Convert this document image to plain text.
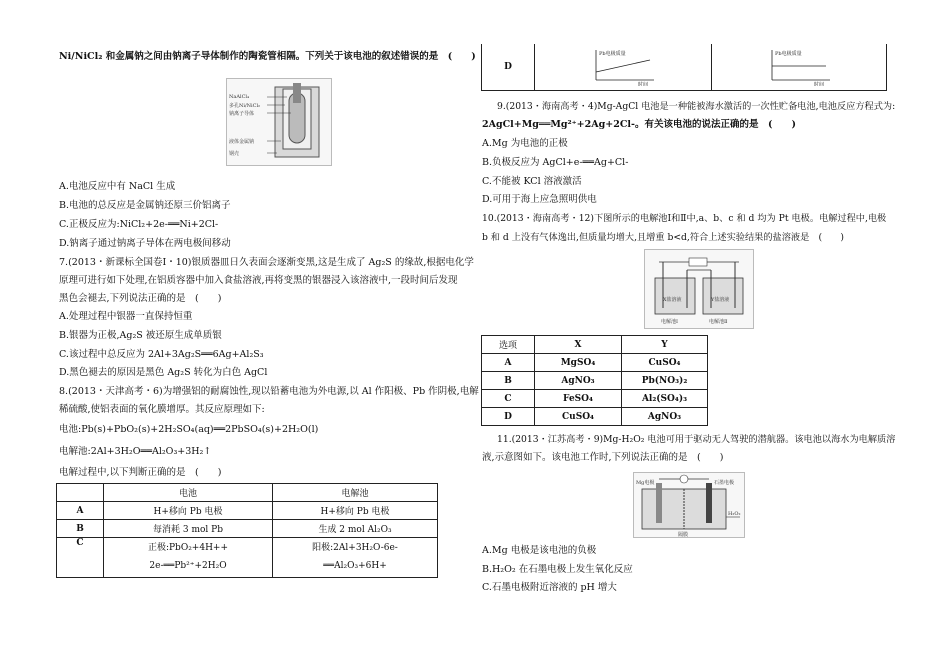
Ni/NiCl₂ 和金属钠之间由钠离子导体制作的陶瓷管相隔。下列关于该电池的叙述错误的是　(　　)
NaAlCl₄
多孔Ni/NiCl₂
钠离子导体
液体金属钠
钢壳
A.电池反应中有 NaCl 生成
B.电池的总反应是金属钠还原三价铝离子
C.正极反应为:NiCl₂+2e-══Ni+2Cl-
D.钠离子通过钠离子导体在两电极间移动
7.(2013・新课标全国卷Ⅰ・10)银质器皿日久表面会逐渐变黑,这是生成了 Ag₂S 的缘故,根据电化学
原理可进行如下处理,在铝质容器中加入食盐溶液,再将变黑的银器浸入该溶液中,一段时间后发现
黑色会褪去,下列说法正确的是　(　　)
A.处理过程中银器一直保持恒重
B.银器为正极,Ag₂S 被还原生成单质银
C.该过程中总反应为 2Al+3Ag₂S══6Ag+Al₂S₃
D.黑色褪去的原因是黑色 Ag₂S 转化为白色 AgCl
8.(2013・天津高考・6)为增强铝的耐腐蚀性,现以铅蓄电池为外电源,以 Al 作阳极、Pb 作阴极,电解
稀硫酸,使铝表面的氧化膜增厚。其反应原理如下:
电池:Pb(s)+PbO₂(s)+2H₂SO₄(aq)══2PbSO₄(s)+2H₂O(l)
电解池:2Al+3H₂O══Al₂O₃+3H₂↑
电解过程中,以下判断正确的是　(　　)
	电池	电解池
A	H+移向 Pb 电极	H+移向 Pb 电极
B	每消耗 3 mol Pb	生成 2 mol Al₂O₃
C	正极:PbO₂+4H++	阳极:2Al+3H₂O-6e-
	2e-══Pb²⁺+2H₂O	══Al₂O₃+6H+
D	
Pb电极质量
时间

Pb电极质量
时间
9.(2013・海南高考・4)Mg-AgCl 电池是一种能被海水激活的一次性贮备电池,电池反应方程式为:
2AgCl+Mg══Mg²⁺+2Ag+2Cl-。有关该电池的说法正确的是　(　　)
A.Mg 为电池的正极
B.负极反应为 AgCl+e-══Ag+Cl-
C.不能被 KCl 溶液激活
D.可用于海上应急照明供电
10.(2013・海南高考・12)下图所示的电解池Ⅰ和Ⅱ中,a、b、c 和 d 均为 Pt 电极。电解过程中,电极
b 和 d 上没有气体逸出,但质量均增大,且增重 b<d,符合上述实验结果的盐溶液是　(　　)
X盐溶液	Y盐溶液
电解池Ⅰ	电解池Ⅱ
选项	X	Y
A	MgSO₄	CuSO₄
B	AgNO₃	Pb(NO₃)₂
C	FeSO₄	Al₂(SO₄)₃
D	CuSO₄	AgNO₃
11.(2013・江苏高考・9)Mg-H₂O₂ 电池可用于驱动无人驾驶的潜航器。该电池以海水为电解质溶
液,示意图如下。该电池工作时,下列说法正确的是　(　　)
Mg电极	石墨电极
H₂O₂
隔膜
A.Mg 电极是该电池的负极
B.H₂O₂ 在石墨电极上发生氧化反应
C.石墨电极附近溶液的 pH 增大
